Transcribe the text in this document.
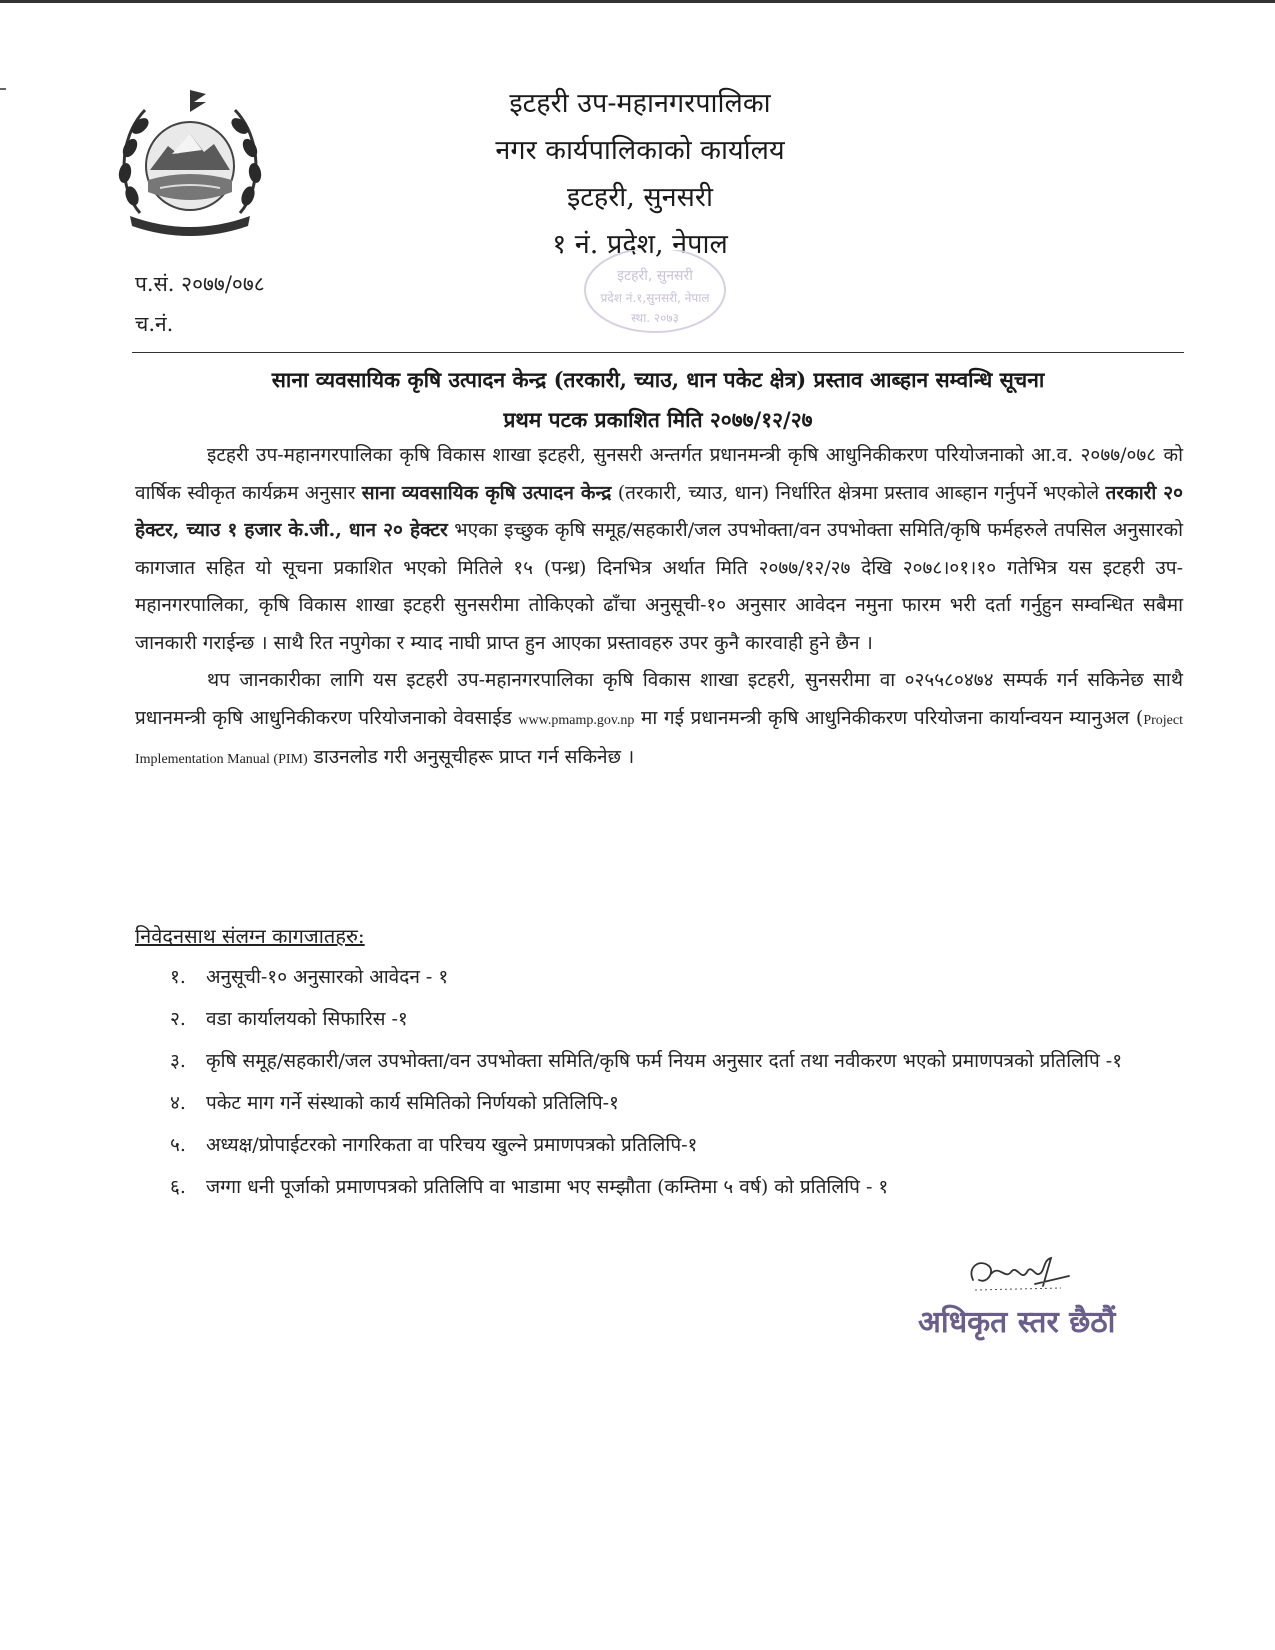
इटहरी उप-महानगरपालिका
नगर कार्यपालिकाको कार्यालय
इटहरी, सुनसरी
१ नं. प्रदेश, नेपाल
इटहरी, सुनसरी
प्रदेश नं.१,सुनसरी, नेपाल
स्था. २०७३
प.सं. २०७७/०७८
च.नं.
साना व्यवसायिक कृषि उत्पादन केन्द्र (तरकारी, च्याउ, धान पकेट क्षेत्र) प्रस्ताव आब्हान सम्वन्धि सूचना
प्रथम पटक प्रकाशित मिति २०७७/१२/२७

इटहरी उप-महानगरपालिका कृषि विकास शाखा इटहरी, सुनसरी अन्तर्गत प्रधानमन्त्री कृषि आधुनिकीकरण परियोजनाको आ.व. २०७७/०७८ को वार्षिक स्वीकृत कार्यक्रम अनुसार साना व्यवसायिक कृषि उत्पादन केन्द्र (तरकारी, च्याउ, धान) निर्धारित क्षेत्रमा प्रस्ताव आब्हान गर्नुपर्ने भएकोले तरकारी २० हेक्टर, च्याउ १ हजार के.जी., धान २० हेक्टर भएका इच्छुक कृषि समूह/सहकारी/जल उपभोक्ता/वन उपभोक्ता समिति/कृषि फर्महरुले तपसिल अनुसारको कागजात सहित यो सूचना प्रकाशित भएको मितिले १५ (पन्ध्र) दिनभित्र अर्थात मिति २०७७/१२/२७ देखि २०७८।०१।१० गतेभित्र यस इटहरी उप-महानगरपालिका, कृषि विकास शाखा इटहरी सुनसरीमा तोकिएको ढाँचा अनुसूची-१० अनुसार आवेदन नमुना फारम भरी दर्ता गर्नुहुन सम्वन्धित सबैमा जानकारी गराईन्छ । साथै रित नपुगेका र म्याद नाघी प्राप्त हुन आएका प्रस्तावहरु उपर कुनै कारवाही हुने छैन ।

थप जानकारीका लागि यस इटहरी उप-महानगरपालिका कृषि विकास शाखा इटहरी, सुनसरीमा वा ०२५५८०४७४ सम्पर्क गर्न सकिनेछ साथै प्रधानमन्त्री कृषि आधुनिकीकरण परियोजनाको वेवसाईड www.pmamp.gov.np मा गई प्रधानमन्त्री कृषि आधुनिकीकरण परियोजना कार्यान्वयन म्यानुअल (Project Implementation Manual (PIM) डाउनलोड गरी अनुसूचीहरू प्राप्त गर्न सकिनेछ ।

निवेदनसाथ संलग्न कागजातहरु:
१.	अनुसूची-१० अनुसारको आवेदन - १
२.	वडा कार्यालयको सिफारिस -१
३.	कृषि समूह/सहकारी/जल उपभोक्ता/वन उपभोक्ता समिति/कृषि फर्म नियम अनुसार दर्ता तथा नवीकरण भएको प्रमाणपत्रको प्रतिलिपि -१
४.	पकेट माग गर्ने संस्थाको कार्य समितिको निर्णयको प्रतिलिपि-१
५.	अध्यक्ष/प्रोपाईटरको नागरिकता वा परिचय खुल्ने प्रमाणपत्रको प्रतिलिपि-१
६.	जग्गा धनी पूर्जाको प्रमाणपत्रको प्रतिलिपि वा भाडामा भए सम्झौता (कम्तिमा ५ वर्ष) को प्रतिलिपि - १
अधिकृत स्तर छैठौं
